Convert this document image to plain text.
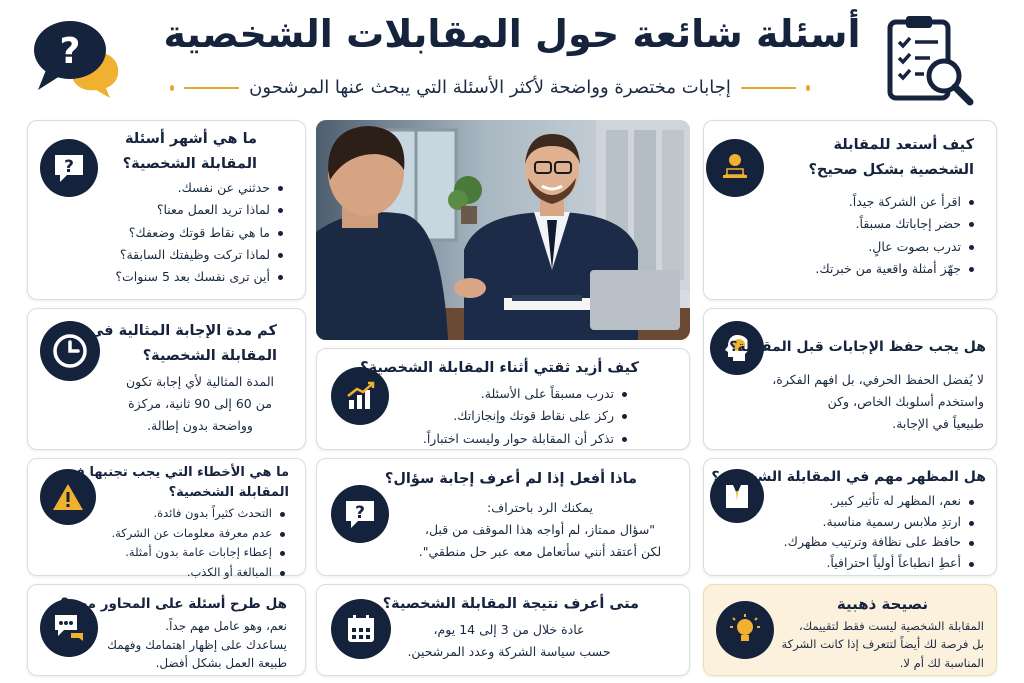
?	أسئلة شائعة حول المقابلات الشخصية
إجابات مختصرة وواضحة لأكثر الأسئلة التي يبحث عنها المرشحون
كيف أستعد للمقابلة
الشخصية بشكل صحيح؟
اقرأ عن الشركة جيداً.
حضر إجاباتك مسبقاً.
تدرب بصوت عالٍ.
جهّز أمثلة واقعية من خبرتك.
?
ما هي أشهر أسئلة
المقابلة الشخصية؟
حدثني عن نفسك.
لماذا تريد العمل معنا؟
ما هي نقاط قوتك وضعفك؟
لماذا تركت وظيفتك السابقة؟
أين ترى نفسك بعد 5 سنوات؟
هل يجب حفظ الإجابات قبل المقابلة؟
لا يُفضل الحفظ الحرفي، بل افهم الفكرة،
واستخدم أسلوبك الخاص، وكن
طبيعياً في الإجابة.
كم مدة الإجابة المثالية في
المقابلة الشخصية؟
المدة المثالية لأي إجابة تكون
من 60 إلى 90 ثانية، مركزة
وواضحة بدون إطالة.
كيف أزيد ثقتي أثناء المقابلة الشخصية؟
تدرب مسبقاً على الأسئلة.
ركز على نقاط قوتك وإنجازاتك.
تذكر أن المقابلة حوار وليست اختباراً.
هل المظهر مهم في المقابلة الشخصية؟
نعم، المظهر له تأثير كبير.
ارتدِ ملابس رسمية مناسبة.
حافظ على نظافة وترتيب مظهرك.
أعطِ انطباعاً أولياً احترافياً.
?
ماذا أفعل إذا لم أعرف إجابة سؤال؟
يمكنك الرد باحتراف:
"سؤال ممتاز، لم أواجه هذا الموقف من قبل،
لكن أعتقد أنني سأتعامل معه عبر حل منطقي".
ما هي الأخطاء التي يجب تجنبها في
المقابلة الشخصية؟
التحدث كثيراً بدون فائدة.
عدم معرفة معلومات عن الشركة.
إعطاء إجابات عامة بدون أمثلة.
المبالغة أو الكذب.
نصيحة ذهبية
المقابلة الشخصية ليست فقط لتقييمك،
بل فرصة لك أيضاً لتتعرف إذا كانت الشركة
المناسبة لك أم لا.
متى أعرف نتيجة المقابلة الشخصية؟
عادة خلال من 3 إلى 14 يوم،
حسب سياسة الشركة وعدد المرشحين.
هل طرح أسئلة على المحاور مهم؟
نعم، وهو عامل مهم جداً.
يساعدك على إظهار اهتمامك وفهمك
طبيعة العمل بشكل أفضل.
